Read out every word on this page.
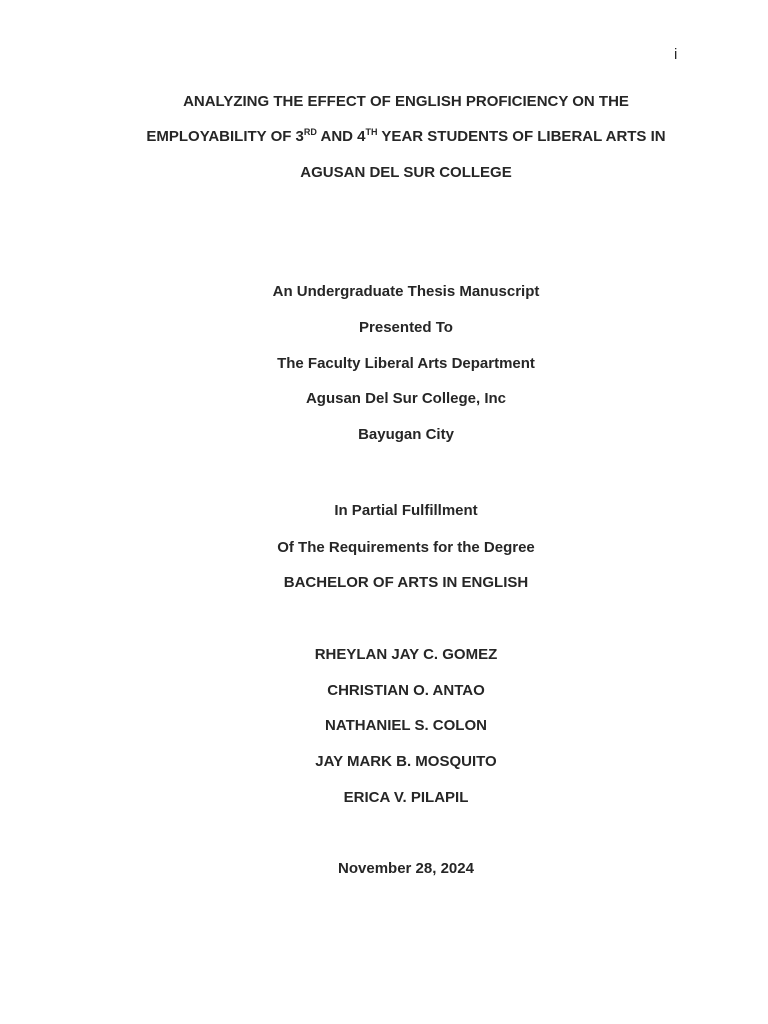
i
ANALYZING THE EFFECT OF ENGLISH PROFICIENCY ON THE
EMPLOYABILITY OF 3RD AND 4TH YEAR STUDENTS OF LIBERAL ARTS IN
AGUSAN DEL SUR COLLEGE
An Undergraduate Thesis Manuscript
Presented To
The Faculty Liberal Arts Department
Agusan Del Sur College, Inc
Bayugan City
In Partial Fulfillment
Of The Requirements for the Degree
BACHELOR OF ARTS IN ENGLISH
RHEYLAN JAY C. GOMEZ
CHRISTIAN O. ANTAO
NATHANIEL S. COLON
JAY MARK B. MOSQUITO
ERICA V. PILAPIL
November 28, 2024
